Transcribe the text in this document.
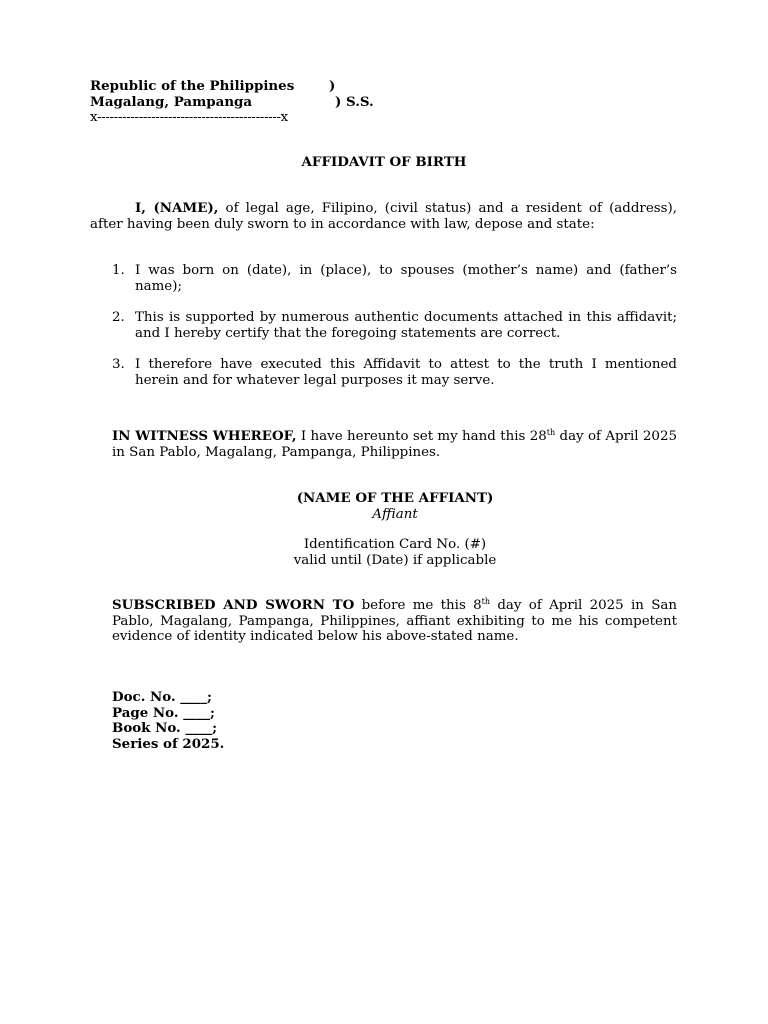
Republic of the Philippines	)
Magalang, Pampanga	) S.S.
x--------------------------------------------x
AFFIDAVIT OF BIRTH
I, (NAME), of legal age, Filipino, (civil status) and a resident of (address), after having been duly sworn to in accordance with law, depose and state:
1. I was born on (date), in (place), to spouses (mother’s name) and (father’s name);
2. This is supported by numerous authentic documents attached in this affidavit; and I hereby certify that the foregoing statements are correct.
3. I therefore have executed this Affidavit to attest to the truth I mentioned herein and for whatever legal purposes it may serve.
IN WITNESS WHEREOF, I have hereunto set my hand this 28th day of April 2025 in San Pablo, Magalang, Pampanga, Philippines.
(NAME OF THE AFFIANT)
Affiant
Identification Card No. (#)
valid until (Date) if applicable
SUBSCRIBED AND SWORN TO before me this 8th day of April 2025 in San Pablo, Magalang, Pampanga, Philippines, affiant exhibiting to me his competent evidence of identity indicated below his above-stated name.
Doc. No. ____;
Page No. ____;
Book No. ____;
Series of 2025.
